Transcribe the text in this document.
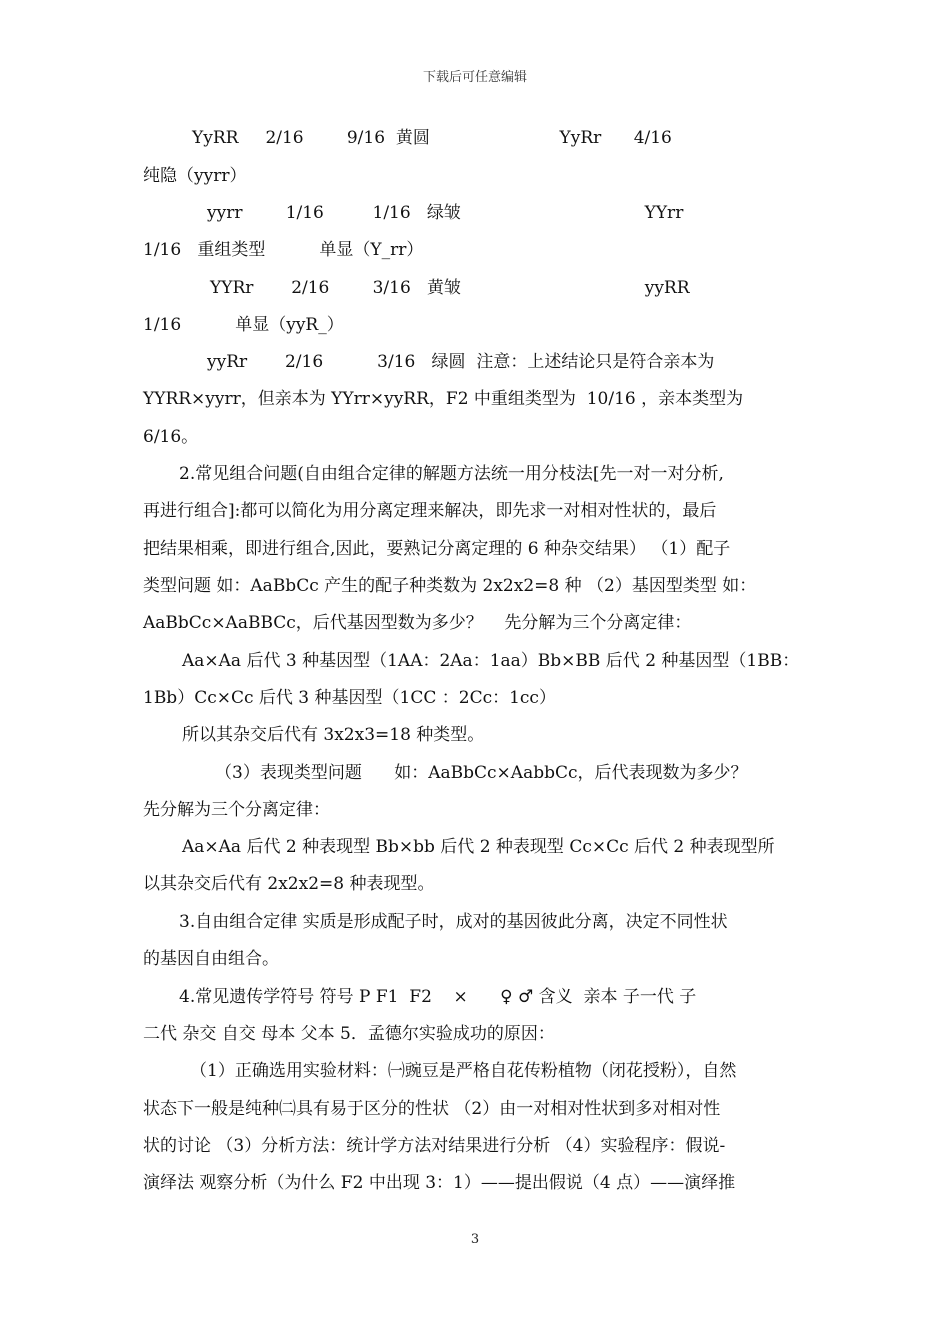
下载后可任意编辑
YyRR     2/16        9/16  黄圆                        YyRr      4/16
纯隐（yyrr）
yyrr        1/16         1/16   绿皱                                  YYrr
1/16   重组类型          单显（Y_rr）
YYRr       2/16        3/16   黄皱                                  yyRR
1/16          单显（yyR_）
yyRr       2/16          3/16   绿圆  注意：上述结论只是符合亲本为
YYRR×yyrr，但亲本为 YYrr×yyRR，F2 中重组类型为  10/16 ，亲本类型为
6/16。
2.常见组合问题(自由组合定律的解题方法统一用分枝法[先一对一对分析,
再进行组合]:都可以简化为用分离定理来解决，即先求一对相对性状的，最后
把结果相乘，即进行组合,因此，要熟记分离定理的 6 种杂交结果） （1）配子
类型问题 如：AaBbCc 产生的配子种类数为 2x2x2=8 种 （2）基因型类型 如：
AaBbCc×AaBBCc，后代基因型数为多少？    先分解为三个分离定律：
Aa×Aa 后代 3 种基因型（1AA：2Aa：1aa）Bb×BB 后代 2 种基因型（1BB：
1Bb）Cc×Cc 后代 3 种基因型（1CC ：2Cc：1cc）
所以其杂交后代有 3x2x3=18 种类型。
（3）表现类型问题      如：AaBbCc×AabbCc，后代表现数为多少？
先分解为三个分离定律：
Aa×Aa 后代 2 种表现型 Bb×bb 后代 2 种表现型 Cc×Cc 后代 2 种表现型所
以其杂交后代有 2x2x2=8 种表现型。
3.自由组合定律 实质是形成配子时，成对的基因彼此分离，决定不同性状
的基因自由组合。
4.常见遗传学符号 符号 P F1  F2    ×      ♀ ♂ 含义  亲本 子一代 子
二代 杂交 自交 母本 父本 5．孟德尔实验成功的原因：
（1）正确选用实验材料：㈠豌豆是严格自花传粉植物（闭花授粉），自然
状态下一般是纯种㈡具有易于区分的性状 （2）由一对相对性状到多对相对性
状的讨论 （3）分析方法：统计学方法对结果进行分析 （4）实验程序：假说-
演绎法 观察分析（为什么 F2 中出现 3：1）——提出假说（4 点）——演绎推
3
